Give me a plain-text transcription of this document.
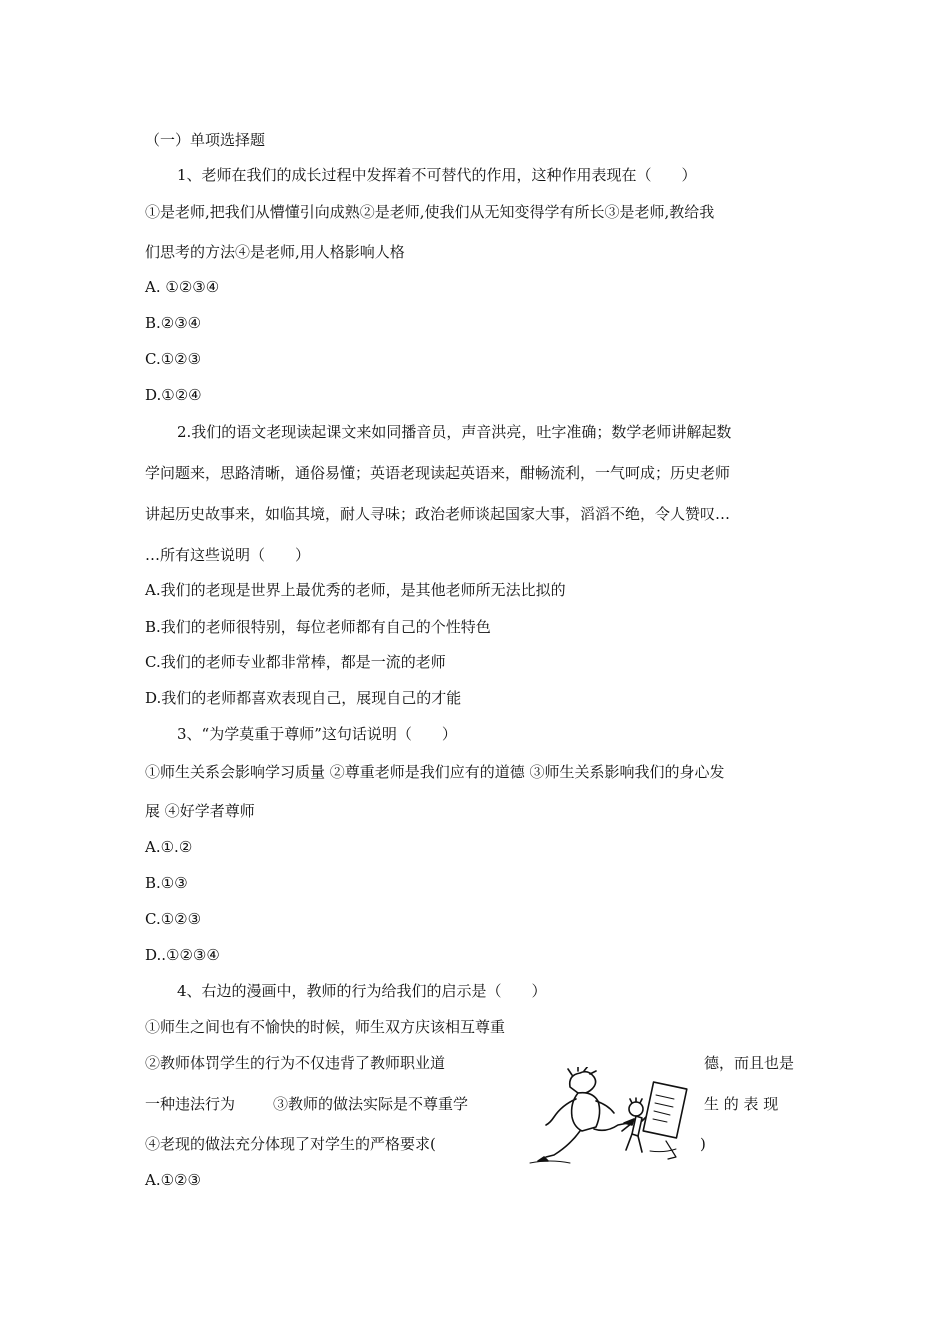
（一）单项选择题
1、老师在我们的成长过程中发挥着不可替代的作用，这种作用表现在（　　）
①是老师,把我们从懵懂引向成熟②是老师,使我们从无知变得学有所长③是老师,教给我
们思考的方法④是老师,用人格影响人格
A. ①②③④
B.②③④
C.①②③
D.①②④
2.我们的语文老现读起课文来如同播音员，声音洪亮，吐字准确；数学老师讲解起数
学问题来，思路清晰，通俗易懂；英语老现读起英语来，酣畅流利，一气呵成；历史老师
讲起历史故事来，如临其境，耐人寻味；政治老师谈起国家大事，滔滔不绝，令人赞叹…
…所有这些说明（　　）
A.我们的老现是世界上最优秀的老师，是其他老师所无法比拟的
B.我们的老师很特别，每位老师都有自己的个性特色
C.我们的老师专业都非常棒，都是一流的老师
D.我们的老师都喜欢表现自己，展现自己的才能
3、“为学莫重于尊师”这句话说明（　　）
①师生关系会影响学习质量 ②尊重老师是我们应有的道德 ③师生关系影响我们的身心发
展 ④好学者尊师
A.①.②
B.①③
C.①②③
D..①②③④
4、右边的漫画中，教师的行为给我们的启示是（　　）
①师生之间也有不愉快的时候，师生双方庆该相互尊重
②教师体罚学生的行为不仅违背了教师职业道	德，而且也是
一种违法行为	③教师的做法实际是不尊重学	生 的 表 现
④老现的做法充分体现了对学生的严格要求(	)
A.①②③
